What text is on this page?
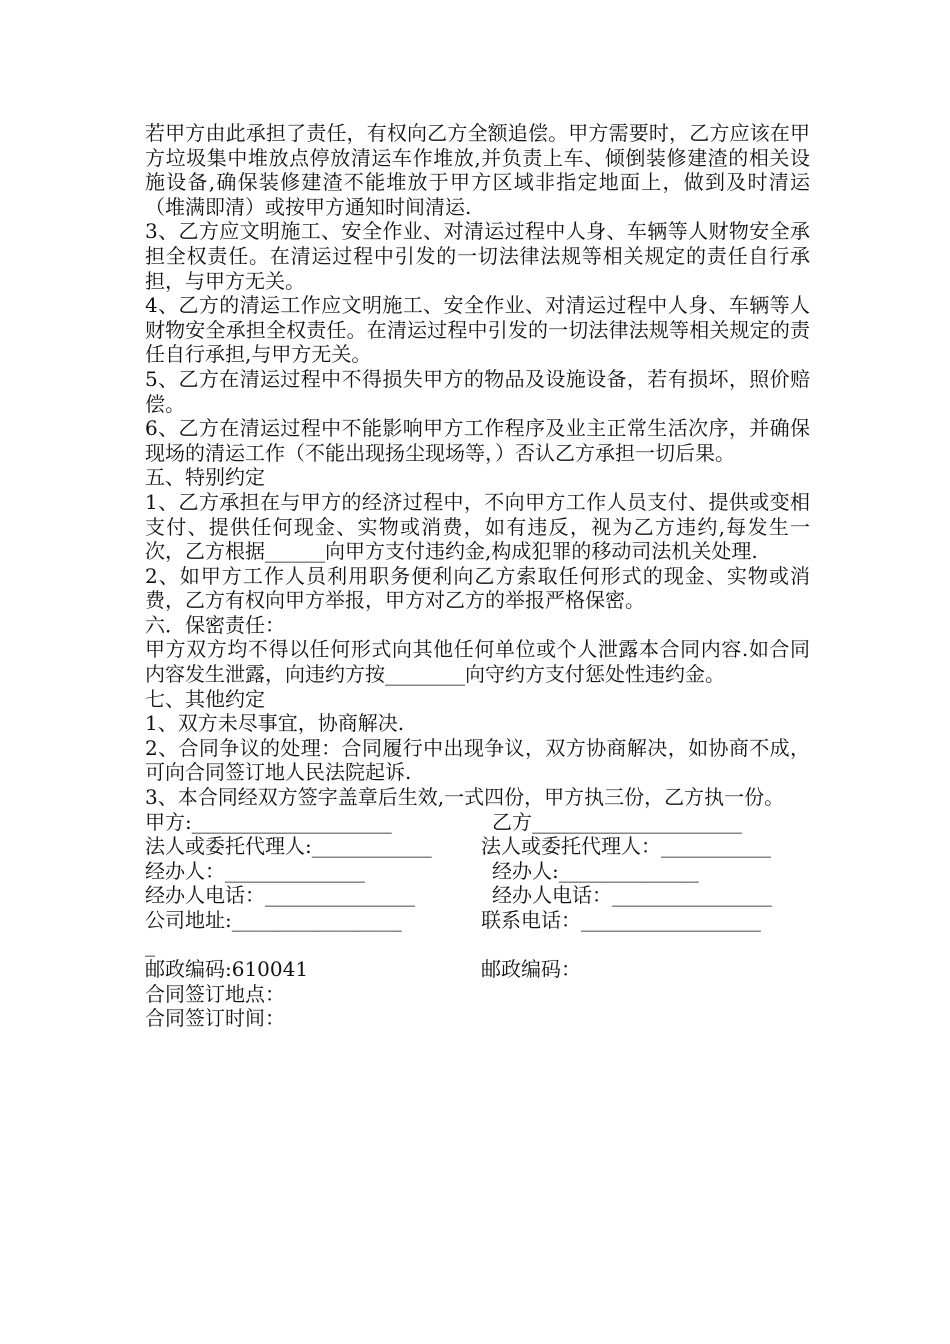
若甲方由此承担了责任，有权向乙方全额追偿。甲方需要时，乙方应该在甲方垃圾集中堆放点停放清运车作堆放,并负责上车、倾倒装修建渣的相关设施设备,确保装修建渣不能堆放于甲方区域非指定地面上，做到及时清运（堆满即清）或按甲方通知时间清运.

3、乙方应文明施工、安全作业、对清运过程中人身、车辆等人财物安全承担全权责任。在清运过程中引发的一切法律法规等相关规定的责任自行承担，与甲方无关。

4、乙方的清运工作应文明施工、安全作业、对清运过程中人身、车辆等人财物安全承担全权责任。在清运过程中引发的一切法律法规等相关规定的责任自行承担,与甲方无关。

5、乙方在清运过程中不得损失甲方的物品及设施设备，若有损坏，照价赔偿。

6、乙方在清运过程中不能影响甲方工作程序及业主正常生活次序，并确保现场的清运工作（不能出现扬尘现场等，）否认乙方承担一切后果。

五、特别约定

1、乙方承担在与甲方的经济过程中，不向甲方工作人员支付、提供或变相支付、提供任何现金、实物或消费，如有违反，视为乙方违约,每发生一次，乙方根据______向甲方支付违约金,构成犯罪的移动司法机关处理.

2、如甲方工作人员利用职务便利向乙方索取任何形式的现金、实物或消费，乙方有权向甲方举报，甲方对乙方的举报严格保密。

六．保密责任：

甲方双方均不得以任何形式向其他任何单位或个人泄露本合同内容.如合同内容发生泄露，向违约方按________向守约方支付惩处性违约金。

七、其他约定

1、双方未尽事宜，协商解决.

2、合同争议的处理：合同履行中出现争议，双方协商解决，如协商不成，可向合同签订地人民法院起诉.

3、本合同经双方签字盖章后生效,一式四份，甲方执三份，乙方执一份。

甲方:____________________

	乙方_____________________

法人或委托代理人:____________

法人或委托代理人：___________

经办人：______________

	经办人:______________

经办人电话：_______________

	经办人电话：________________

公司地址:_________________

	联系电话：__________________

_

邮政编码:610041

	邮政编码：

合同签订地点：

合同签订时间：
